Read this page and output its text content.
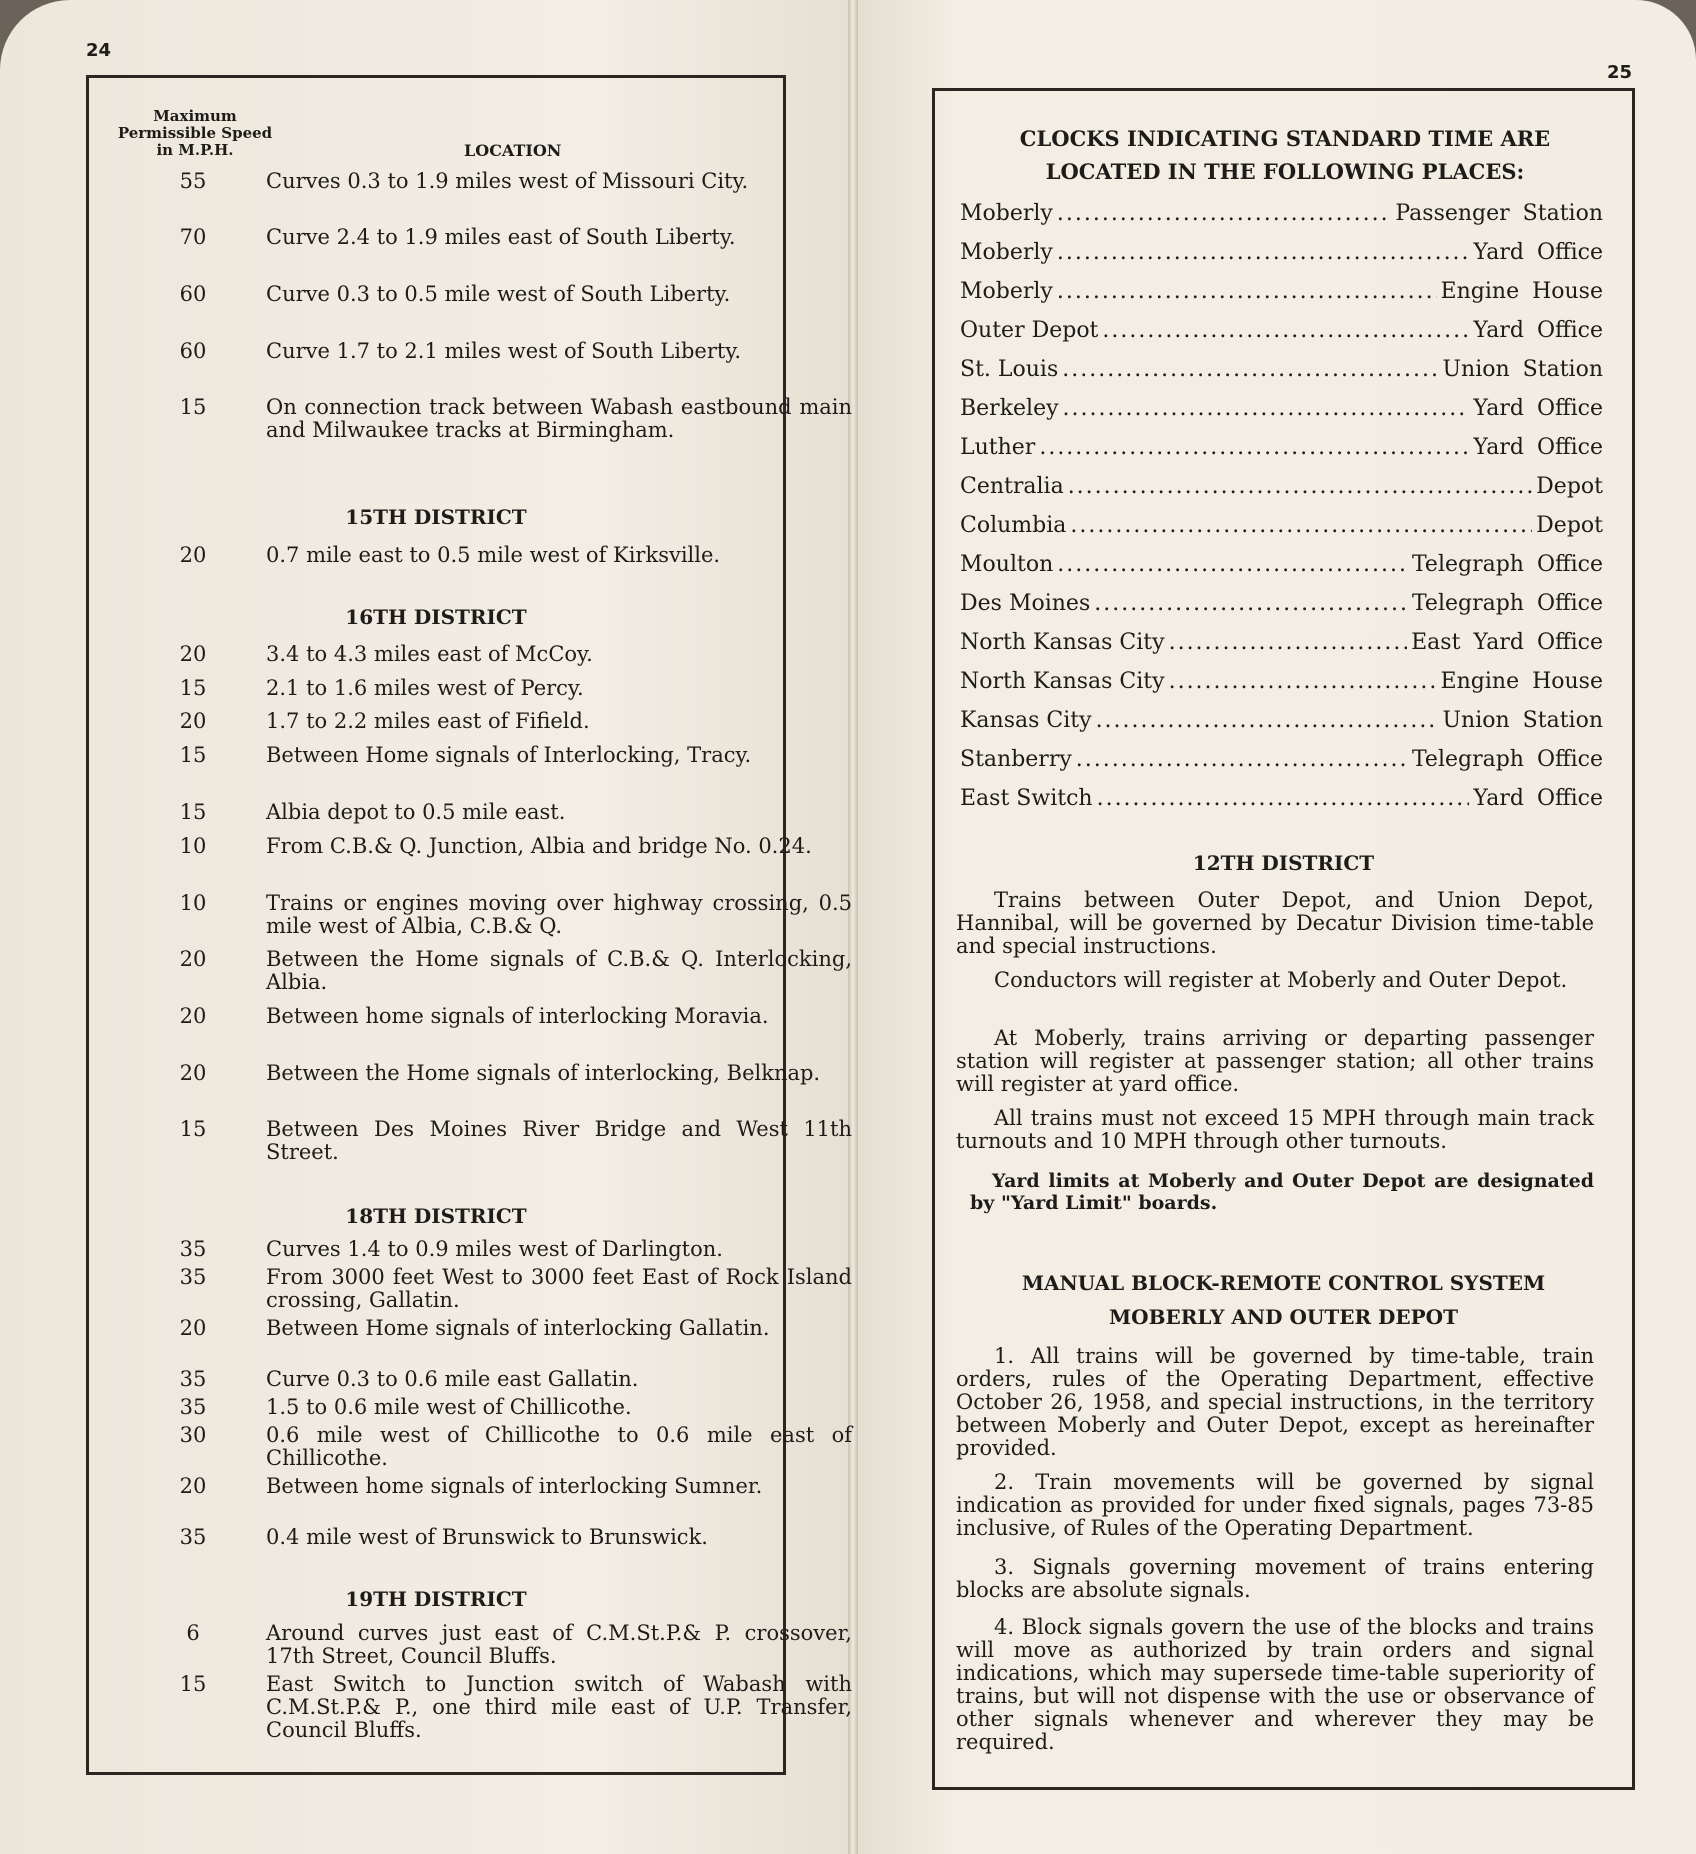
24
Maximum Permissible Speed in M.P.H.	LOCATION
55	Curves 0.3 to 1.9 miles west of Missouri City.
70	Curve 2.4 to 1.9 miles east of South Liberty.
60	Curve 0.3 to 0.5 mile west of South Liberty.
60	Curve 1.7 to 2.1 miles west of South Liberty.
15	On connection track between Wabash eastbound main and Milwaukee tracks at Birmingham.
15TH DISTRICT
20	0.7 mile east to 0.5 mile west of Kirksville.
16TH DISTRICT
20	3.4 to 4.3 miles east of McCoy.
15	2.1 to 1.6 miles west of Percy.
20	1.7 to 2.2 miles east of Fifield.
15	Between Home signals of Interlocking, Tracy.
15	Albia depot to 0.5 mile east.
10	From C.B.& Q. Junction, Albia and bridge No. 0.24.
10	Trains or engines moving over highway crossing, 0.5 mile west of Albia, C.B.& Q.
20	Between the Home signals of C.B.& Q. Interlocking, Albia.
20	Between home signals of interlocking Moravia.
20	Between the Home signals of interlocking, Belknap.
15	Between Des Moines River Bridge and West 11th Street.
18TH DISTRICT
35	Curves 1.4 to 0.9 miles west of Darlington.
35	From 3000 feet West to 3000 feet East of Rock Island crossing, Gallatin.
20	Between Home signals of interlocking Gallatin.
35	Curve 0.3 to 0.6 mile east Gallatin.
35	1.5 to 0.6 mile west of Chillicothe.
30	0.6 mile west of Chillicothe to 0.6 mile east of Chillicothe.
20	Between home signals of interlocking Sumner.
35	0.4 mile west of Brunswick to Brunswick.
19TH DISTRICT
6	Around curves just east of C.M.St.P.& P. crossover, 17th Street, Council Bluffs.
15	East Switch to Junction switch of Wabash with C.M.St.P.& P., one third mile east of U.P. Transfer, Council Bluffs.
25
CLOCKS INDICATING STANDARD TIME ARE
LOCATED IN THE FOLLOWING PLACES:
Moberly .....	Passenger Station
Moberly .....	Yard Office
Moberly .....	Engine House
Outer Depot .....	Yard Office
St. Louis .....	Union Station
Berkeley .....	Yard Office
Luther .....	Yard Office
Centralia .....	Depot
Columbia .....	Depot
Moulton .....	Telegraph Office
Des Moines .....	Telegraph Office
North Kansas City .....	East Yard Office
North Kansas City .....	Engine House
Kansas City .....	Union Station
Stanberry .....	Telegraph Office
East Switch .....	Yard Office
12TH DISTRICT
Trains between Outer Depot, and Union Depot, Hannibal, will be governed by Decatur Division time-table and special instructions.
Conductors will register at Moberly and Outer Depot.
At Moberly, trains arriving or departing passenger station will register at passenger station; all other trains will register at yard office.
All trains must not exceed 15 MPH through main track turnouts and 10 MPH through other turnouts.
Yard limits at Moberly and Outer Depot are designated by "Yard Limit" boards.
MANUAL BLOCK-REMOTE CONTROL SYSTEM
MOBERLY AND OUTER DEPOT
1. All trains will be governed by time-table, train orders, rules of the Operating Department, effective October 26, 1958, and special instructions, in the territory between Moberly and Outer Depot, except as hereinafter provided.
2. Train movements will be governed by signal indication as provided for under fixed signals, pages 73-85 inclusive, of Rules of the Operating Department.
3. Signals governing movement of trains entering blocks are absolute signals.
4. Block signals govern the use of the blocks and trains will move as authorized by train orders and signal indications, which may supersede time-table superiority of trains, but will not dispense with the use or observance of other signals whenever and wherever they may be required.
